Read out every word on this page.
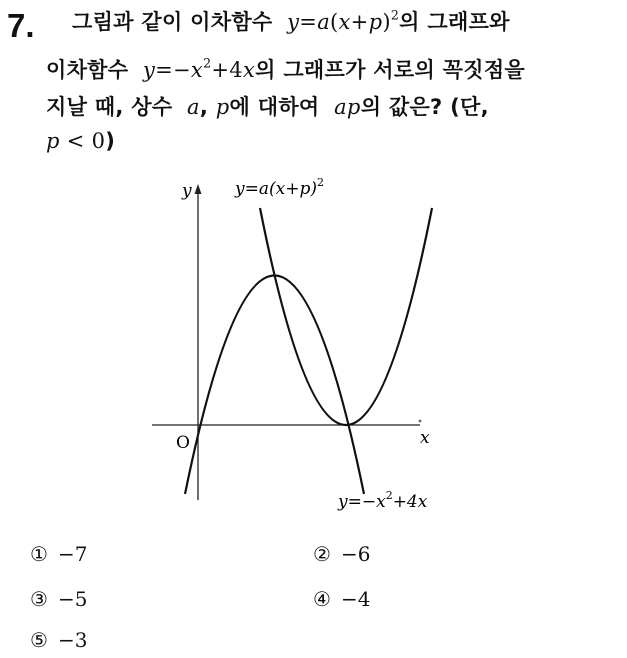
7. 그림과 같이 이차함수 $y=a(x+p)^2$의 그래프와
이차함수 $y=-x^2+4x$의 그래프가 서로의 꼭짓점을
지날 때, 상수 a, p에 대하여 ap의 값은? (단,
p < 0)
y
x
O
$y=a(x+p)^2$
$y=-x^2+4x$
① −7	② −6
③ −5	④ −4
⑤ −3
